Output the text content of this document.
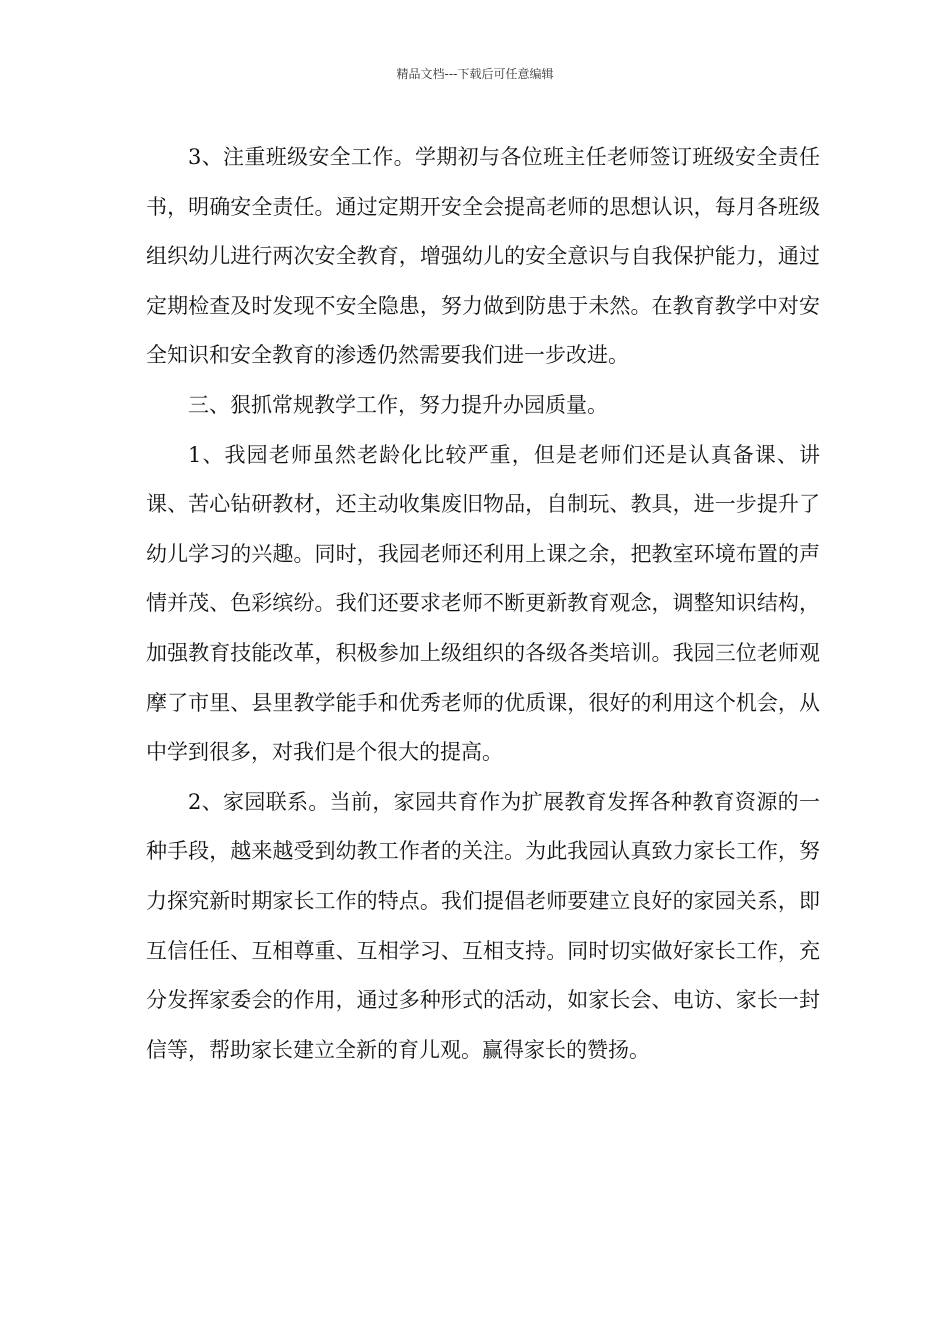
精品文档---下载后可任意编辑

3、注重班级安全工作。学期初与各位班主任老师签订班级安全责任书，明确安全责任。通过定期开安全会提高老师的思想认识，每月各班级组织幼儿进行两次安全教育，增强幼儿的安全意识与自我保护能力，通过定期检查及时发现不安全隐患，努力做到防患于未然。在教育教学中对安全知识和安全教育的渗透仍然需要我们进一步改进。

三、狠抓常规教学工作，努力提升办园质量。

1、我园老师虽然老龄化比较严重，但是老师们还是认真备课、讲课、苦心钻研教材，还主动收集废旧物品，自制玩、教具，进一步提升了幼儿学习的兴趣。同时，我园老师还利用上课之余，把教室环境布置的声情并茂、色彩缤纷。我们还要求老师不断更新教育观念，调整知识结构，加强教育技能改革，积极参加上级组织的各级各类培训。我园三位老师观摩了市里、县里教学能手和优秀老师的优质课，很好的利用这个机会，从中学到很多，对我们是个很大的提高。

2、家园联系。当前，家园共育作为扩展教育发挥各种教育资源的一种手段，越来越受到幼教工作者的关注。为此我园认真致力家长工作，努力探究新时期家长工作的特点。我们提倡老师要建立良好的家园关系，即互信任任、互相尊重、互相学习、互相支持。同时切实做好家长工作，充分发挥家委会的作用，通过多种形式的活动，如家长会、电访、家长一封信等，帮助家长建立全新的育儿观。赢得家长的赞扬。
